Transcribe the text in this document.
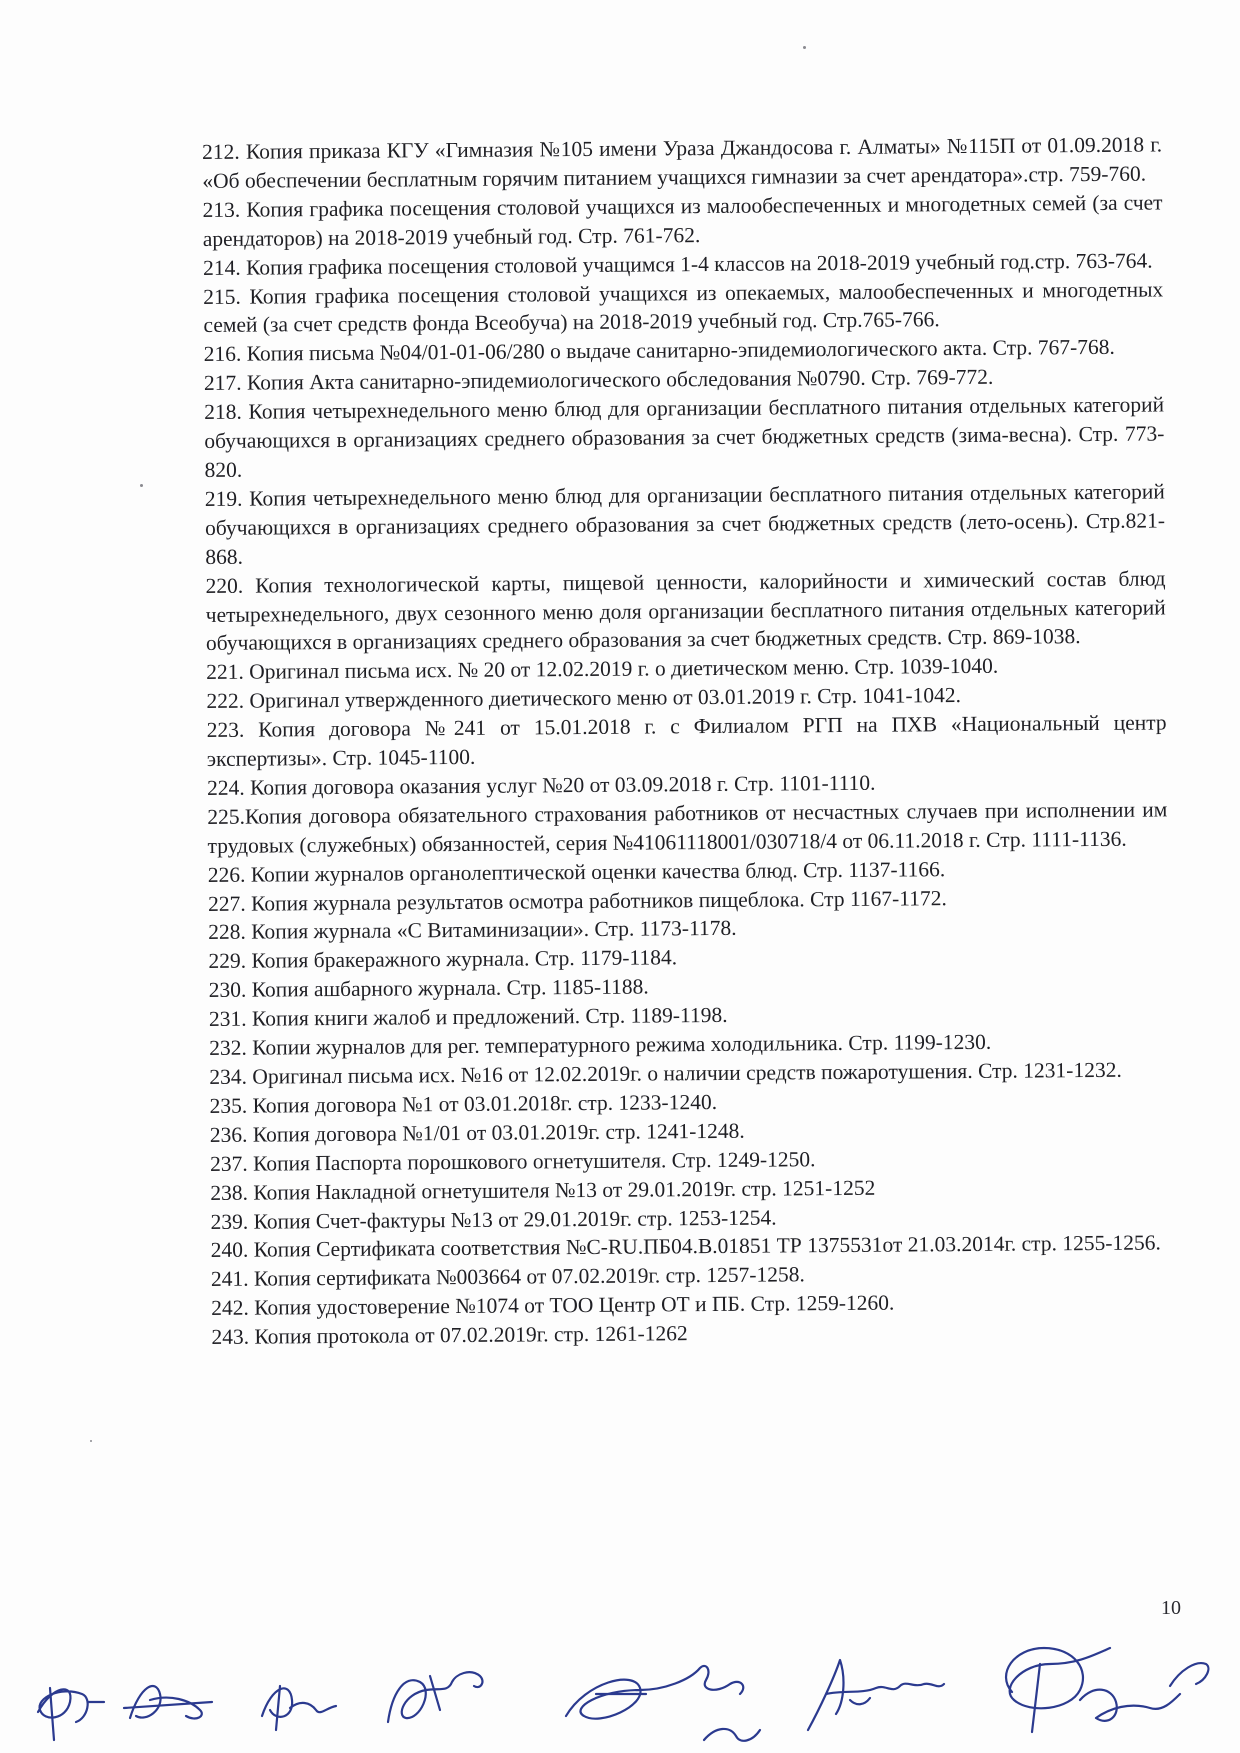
212. Копия приказа КГУ «Гимназия №105 имени Ураза Джандосова г. Алматы» №115П от 01.09.2018 г. «Об обеспечении бесплатным горячим питанием учащихся гимназии за счет арендатора».стр. 759-760.

213. Копия графика посещения столовой учащихся из малообеспеченных и многодетных семей (за счет арендаторов) на 2018-2019 учебный год. Стр. 761-762.

214. Копия графика посещения столовой учащимся 1-4 классов на 2018-2019 учебный год.стр. 763-764.

215. Копия графика посещения столовой учащихся из опекаемых, малообеспеченных и многодетных семей (за счет средств фонда Всеобуча) на 2018-2019 учебный год. Стр.765-766.

216. Копия письма №04/01-01-06/280 о выдаче санитарно-эпидемиологического акта. Стр. 767-768.

217. Копия Акта санитарно-эпидемиологического обследования №0790. Стр. 769-772.

218. Копия четырехнедельного меню блюд для организации бесплатного питания отдельных категорий обучающихся в организациях среднего образования за счет бюджетных средств (зима-весна). Стр. 773-820.

219. Копия четырехнедельного меню блюд для организации бесплатного питания отдельных категорий обучающихся в организациях среднего образования за счет бюджетных средств (лето-осень). Стр.821-868.

220. Копия технологической карты, пищевой ценности, калорийности и химический состав блюд четырехнедельного, двух сезонного меню доля организации бесплатного питания отдельных категорий обучающихся в организациях среднего образования за счет бюджетных средств. Стр. 869-1038.

221. Оригинал письма исх. № 20 от 12.02.2019 г. о диетическом меню. Стр. 1039-1040.

222. Оригинал утвержденного диетического меню от 03.01.2019 г. Стр. 1041-1042.

223. Копия договора №241 от 15.01.2018 г. с Филиалом РГП на ПХВ «Национальный центр экспертизы». Стр. 1045-1100.

224. Копия договора оказания услуг №20 от 03.09.2018 г. Стр. 1101-1110.

225.Копия договора обязательного страхования работников от несчастных случаев при исполнении им трудовых (служебных) обязанностей, серия №41061118001/030718/4 от 06.11.2018 г. Стр. 1111-1136.

226. Копии журналов органолептической оценки качества блюд. Стр. 1137-1166.

227. Копия журнала результатов осмотра работников пищеблока. Стр 1167-1172.

228. Копия журнала «С Витаминизации». Стр. 1173-1178.

229. Копия бракеражного журнала. Стр. 1179-1184.

230. Копия ашбарного журнала. Стр. 1185-1188.

231. Копия книги жалоб и предложений. Стр. 1189-1198.

232. Копии журналов для рег. температурного режима холодильника. Стр. 1199-1230.

234. Оригинал письма исх. №16 от 12.02.2019г. о наличии средств пожаротушения. Стр. 1231-1232.

235. Копия договора №1 от 03.01.2018г. стр. 1233-1240.

236. Копия договора №1/01 от 03.01.2019г. стр. 1241-1248.

237. Копия Паспорта порошкового огнетушителя. Стр. 1249-1250.

238. Копия Накладной огнетушителя №13 от 29.01.2019г. стр. 1251-1252

239. Копия Счет-фактуры №13 от 29.01.2019г. стр. 1253-1254.

240. Копия Сертификата соответствия №С-RU.ПБ04.В.01851 ТР 1375531от 21.03.2014г. стр. 1255-1256.

241. Копия сертификата №003664 от 07.02.2019г. стр. 1257-1258.

242. Копия удостоверение №1074 от ТОО Центр ОТ и ПБ. Стр. 1259-1260.

243. Копия протокола от 07.02.2019г. стр. 1261-1262

10
